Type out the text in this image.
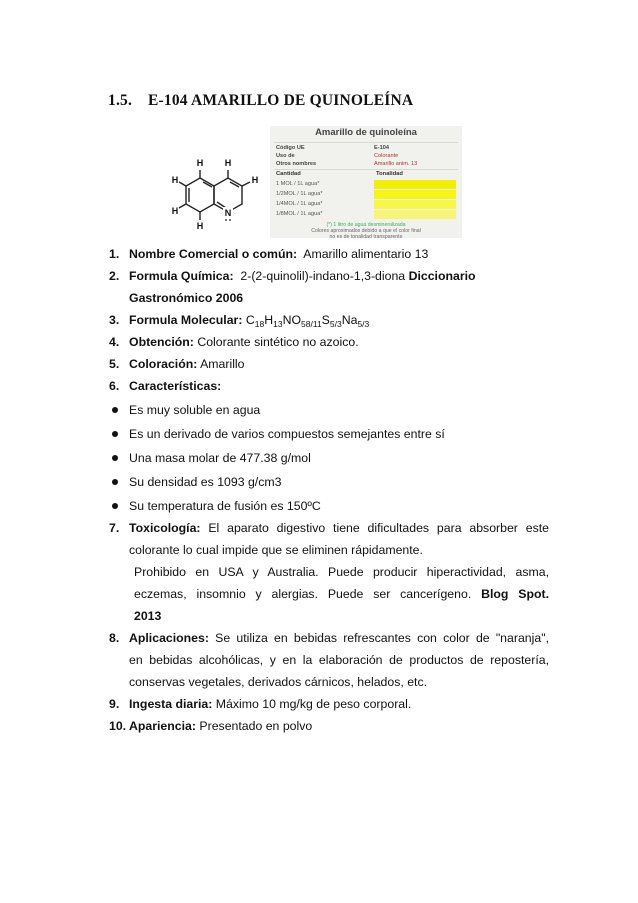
1.5. E-104 AMARILLO DE QUINOLEÍNA
H H
H
H
H
H
N
Amarillo de quinoleína
Código UE	E-104
Uso de	Colorante
Otros nombres	Amarillo anim. 13
Cantidad	Tonalidad
1 MOL / 1L agua*
1/2MOL / 1L agua*
1/4MOL / 1L agua*
1/8MOL / 1L agua*
(*) 1 litro de agua desmineralizada
Colores aproximados debido a que el color final
no es de tonalidad transparente
1. Nombre Comercial o común: Amarillo alimentario 13
2. Formula Química: 2-(2-quinolil)-indano-1,3-diona Diccionario
Gastronómico 2006
3. Formula Molecular: $C_{18}H_{13}NO_{58/11}S_{5/3}Na_{5/3}$
4. Obtención: Colorante sintético no azoico.
5. Coloración: Amarillo
6. Características:
Es muy soluble en agua
Es un derivado de varios compuestos semejantes entre sí
Una masa molar de 477.38 g/mol
Su densidad es 1093 g/cm3
Su temperatura de fusión es 150ºC
7. Toxicología: El aparato digestivo tiene dificultades para absorber este
colorante lo cual impide que se eliminen rápidamente.
Prohibido en USA y Australia. Puede producir hiperactividad, asma,
eczemas, insomnio y alergias. Puede ser cancerígeno. Blog Spot.
2013
8. Aplicaciones: Se utiliza en bebidas refrescantes con color de "naranja",
en bebidas alcohólicas, y en la elaboración de productos de repostería,
conservas vegetales, derivados cárnicos, helados, etc.
9. Ingesta diaria: Máximo 10 mg/kg de peso corporal.
10. Apariencia: Presentado en polvo
